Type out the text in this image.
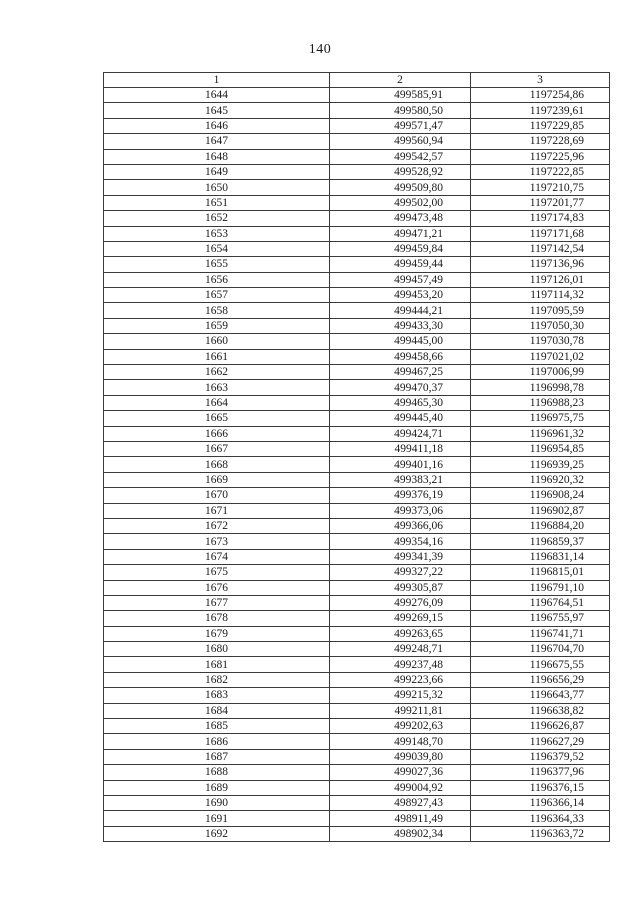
140
1	2	3
1644	499585,91	1197254,86
1645	499580,50	1197239,61
1646	499571,47	1197229,85
1647	499560,94	1197228,69
1648	499542,57	1197225,96
1649	499528,92	1197222,85
1650	499509,80	1197210,75
1651	499502,00	1197201,77
1652	499473,48	1197174,83
1653	499471,21	1197171,68
1654	499459,84	1197142,54
1655	499459,44	1197136,96
1656	499457,49	1197126,01
1657	499453,20	1197114,32
1658	499444,21	1197095,59
1659	499433,30	1197050,30
1660	499445,00	1197030,78
1661	499458,66	1197021,02
1662	499467,25	1197006,99
1663	499470,37	1196998,78
1664	499465,30	1196988,23
1665	499445,40	1196975,75
1666	499424,71	1196961,32
1667	499411,18	1196954,85
1668	499401,16	1196939,25
1669	499383,21	1196920,32
1670	499376,19	1196908,24
1671	499373,06	1196902,87
1672	499366,06	1196884,20
1673	499354,16	1196859,37
1674	499341,39	1196831,14
1675	499327,22	1196815,01
1676	499305,87	1196791,10
1677	499276,09	1196764,51
1678	499269,15	1196755,97
1679	499263,65	1196741,71
1680	499248,71	1196704,70
1681	499237,48	1196675,55
1682	499223,66	1196656,29
1683	499215,32	1196643,77
1684	499211,81	1196638,82
1685	499202,63	1196626,87
1686	499148,70	1196627,29
1687	499039,80	1196379,52
1688	499027,36	1196377,96
1689	499004,92	1196376,15
1690	498927,43	1196366,14
1691	498911,49	1196364,33
1692	498902,34	1196363,72
